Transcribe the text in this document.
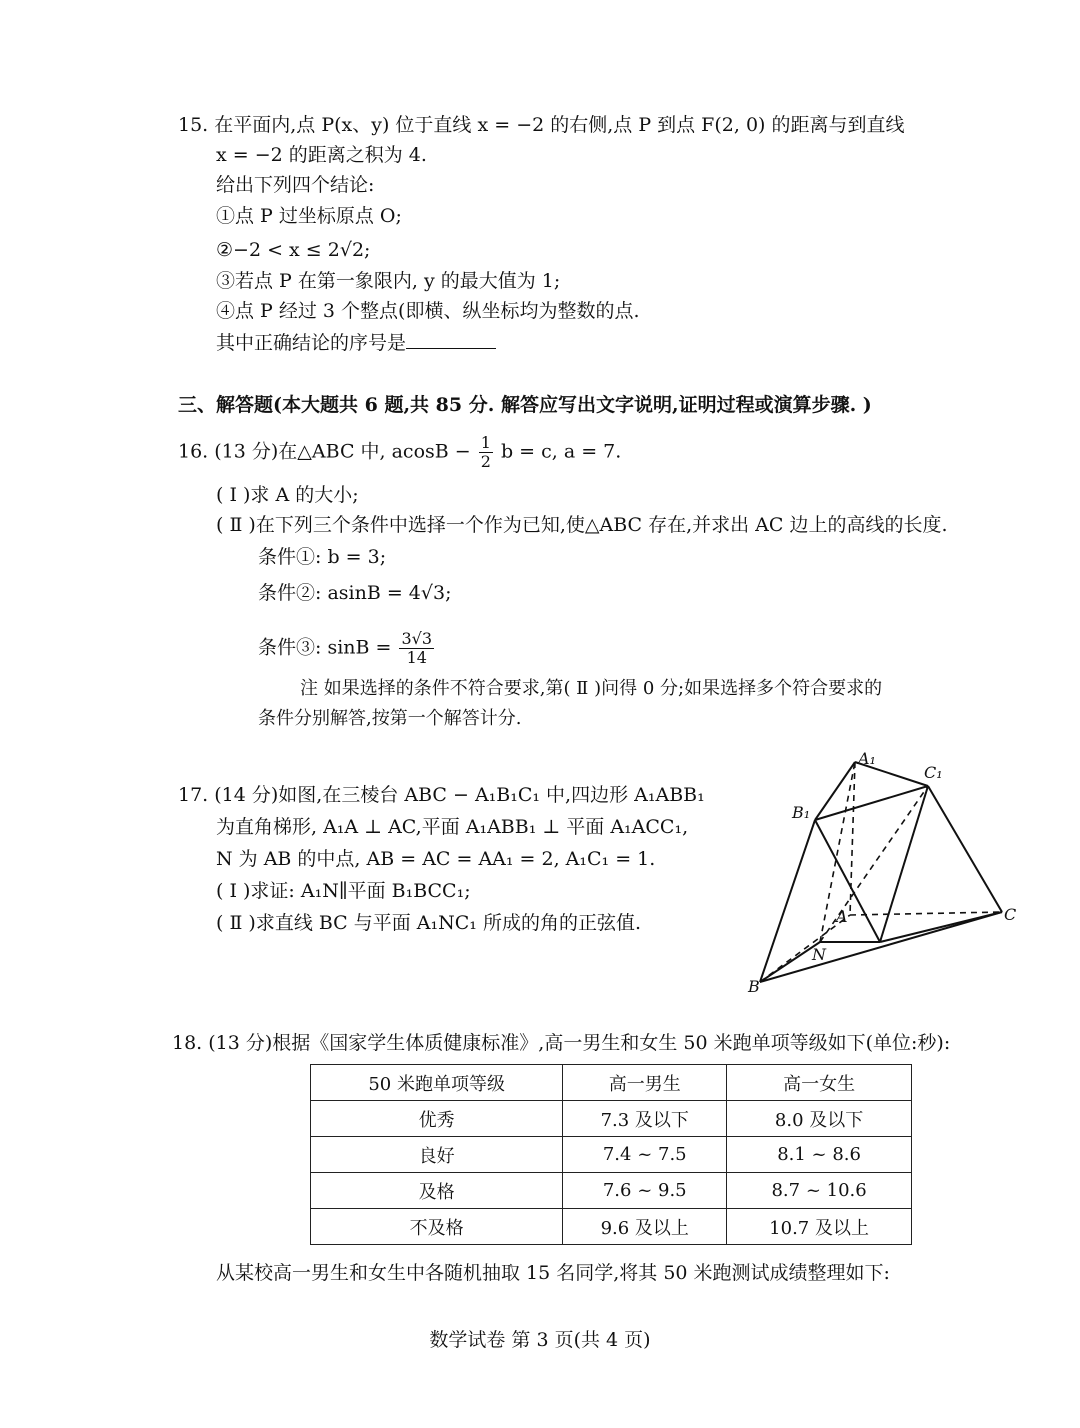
15. 在平面内,点 P(x、y) 位于直线 x = −2 的右侧,点 P 到点 F(2, 0) 的距离与到直线
x = −2 的距离之积为 4.
给出下列四个结论:
①点 P 过坐标原点 O;
②−2 < x ≤ 2√2;
③若点 P 在第一象限内, y 的最大值为 1;
④点 P 经过 3 个整点(即横、纵坐标均为整数的点.
其中正确结论的序号是
三、解答题(本大题共 6 题,共 85 分. 解答应写出文字说明,证明过程或演算步骤. )
16. (13 分)在△ABC 中, $acosB - \frac{1}{2}$ b = c, a = 7.
( Ⅰ )求 A 的大小;
( Ⅱ )在下列三个条件中选择一个作为已知,使△ABC 存在,并求出 AC 边上的高线的长度.
条件①: b = 3;
条件②: asinB = 4√3;
条件③: $\sin B = \frac{3√3}{14}$
注 如果选择的条件不符合要求,第( Ⅱ )问得 0 分;如果选择多个符合要求的
条件分别解答,按第一个解答计分.
17. (14 分)如图,在三棱台 ABC − A₁B₁C₁ 中,四边形 A₁ABB₁
为直角梯形, A₁A ⊥ AC,平面 A₁ABB₁ ⊥ 平面 A₁ACC₁,
N 为 AB 的中点, AB = AC = AA₁ = 2, A₁C₁ = 1.
( Ⅰ )求证: A₁N∥平面 B₁BCC₁;
( Ⅱ )求直线 BC 与平面 A₁NC₁ 所成的角的正弦值.
A₁
B₁
C₁
A
B
C
N
18. (13 分)根据《国家学生体质健康标准》,高一男生和女生 50 米跑单项等级如下(单位:秒):
50 米跑单项等级	高一男生	高一女生
优秀	7.3 及以下	8.0 及以下
良好	7.4 ~ 7.5	8.1 ~ 8.6
及格	7.6 ~ 9.5	8.7 ~ 10.6
不及格	9.6 及以上	10.7 及以上
从某校高一男生和女生中各随机抽取 15 名同学,将其 50 米跑测试成绩整理如下:
数学试卷 第 3 页(共 4 页)
